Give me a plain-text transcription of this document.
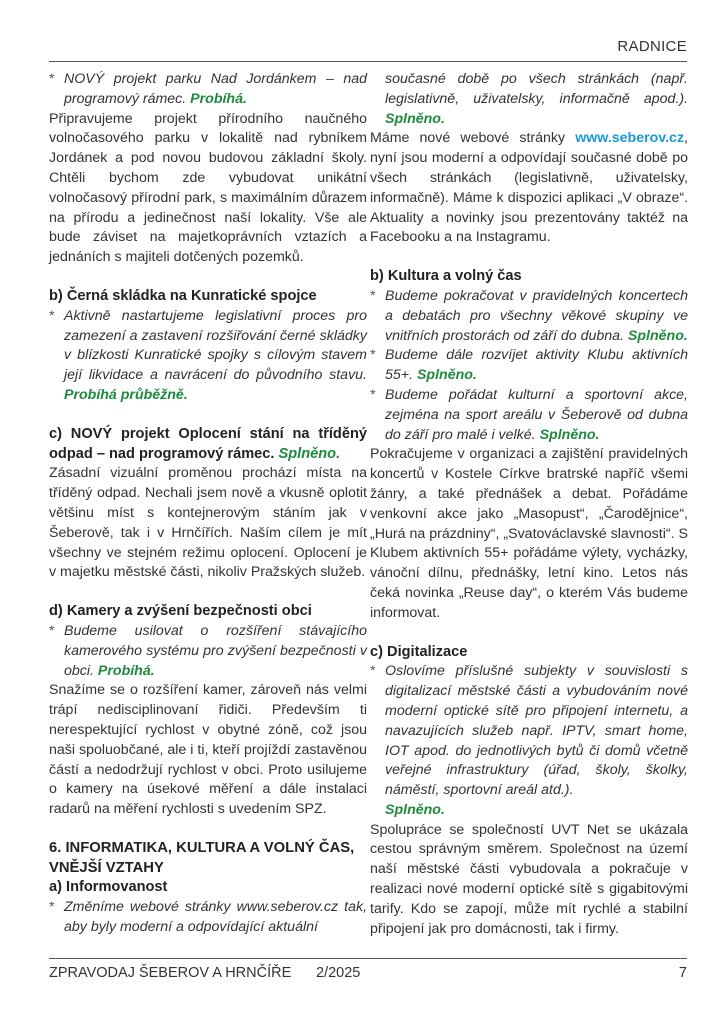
RADNICE
* NOVÝ projekt parku Nad Jordánkem – nad programový rámec. Probíhá.
Připravujeme projekt přírodního naučného volnočasového parku v lokalitě nad rybníkem Jordánek a pod novou budovou základní školy. Chtěli bychom zde vybudovat unikátní volnočasový přírodní park, s maximálním důrazem na přírodu a jedinečnost naší lokality. Vše ale bude záviset na majetkoprávních vztazích a jednáních s majiteli dotčených pozemků.
b) Černá skládka na Kunratické spojce
* Aktivně nastartujeme legislativní proces pro zamezení a zastavení rozšiřování černé skládky v blízkosti Kunratické spojky s cílovým stavem její likvidace a navrácení do původního stavu. Probíhá průběžně.
c) NOVÝ projekt Oplocení stání na tříděný odpad – nad programový rámec. Splněno.
Zásadní vizuální proměnou prochází místa na tříděný odpad. Nechali jsem nově a vkusně oplotit většinu míst s kontejnerovým stáním jak v Šeberově, tak i v Hrnčířích. Naším cílem je mít všechny ve stejném režimu oplocení. Oplocení je v majetku městské části, nikoliv Pražských služeb.
d) Kamery a zvýšení bezpečnosti obci
* Budeme usilovat o rozšíření stávajícího kamerového systému pro zvýšení bezpečnosti v obci. Probíhá.
Snažíme se o rozšíření kamer, zároveň nás velmi trápí nedisciplinovaní řidiči. Především ti nerespektující rychlost v obytné zóně, což jsou naši spoluobčané, ale i ti, kteří projíždí zastavěnou částí a nedodržují rychlost v obci. Proto usilujeme o kamery na úsekové měření a dále instalaci radarů na měření rychlosti s uvedením SPZ.
6. INFORMATIKA, KULTURA A VOLNÝ ČAS, VNĚJŠÍ VZTAHY
a) Informovanost
* Změníme webové stránky www.seberov.cz tak, aby byly moderní a odpovídající aktuální
současné době po všech stránkách (např. legislativně, uživatelsky, informačně apod.). Splněno.
Máme nové webové stránky www.seberov.cz, nyní jsou moderní a odpovídají současné době po všech stránkách (legislativně, uživatelsky, informačně). Máme k dispozici aplikaci „V obraze“. Aktuality a novinky jsou prezentovány taktéž na Facebooku a na Instagramu.
b) Kultura a volný čas
* Budeme pokračovat v pravidelných koncertech a debatách pro všechny věkové skupiny ve vnitřních prostorách od září do dubna. Splněno.
* Budeme dále rozvíjet aktivity Klubu aktivních 55+. Splněno.
* Budeme pořádat kulturní a sportovní akce, zejména na sport areálu v Šeberově od dubna do září pro malé i velké. Splněno.
Pokračujeme v organizaci a zajištění pravidelných koncertů v Kostele Církve bratrské napříč všemi žánry, a také přednášek a debat. Pořádáme venkovní akce jako „Masopust“, „Čarodějnice“, „Hurá na prázdniny“, „Svatováclavské slavnosti“. S Klubem aktivních 55+ pořádáme výlety, vycházky, vánoční dílnu, přednášky, letní kino. Letos nás čeká novinka „Reuse day“, o kterém Vás budeme informovat.
c) Digitalizace
* Oslovíme příslušné subjekty v souvislosti s digitalizací městské části a vybudováním nové moderní optické sítě pro připojení internetu, a navazujících služeb např. IPTV, smart home, IOT apod. do jednotlivých bytů či domů včetně veřejné infrastruktury (úřad, školy, školky, náměstí, sportovní areál atd.).
Splněno.
Spolupráce se společností UVT Net se ukázala cestou správným směrem. Společnost na území naší městské části vybudovala a pokračuje v realizaci nové moderní optické sítě s gigabitovými tarify. Kdo se zapojí, může mít rychlé a stabilní připojení jak pro domácnosti, tak i firmy.
ZPRAVODAJ ŠEBEROV A HRNČÍŘE 2/2025	7
